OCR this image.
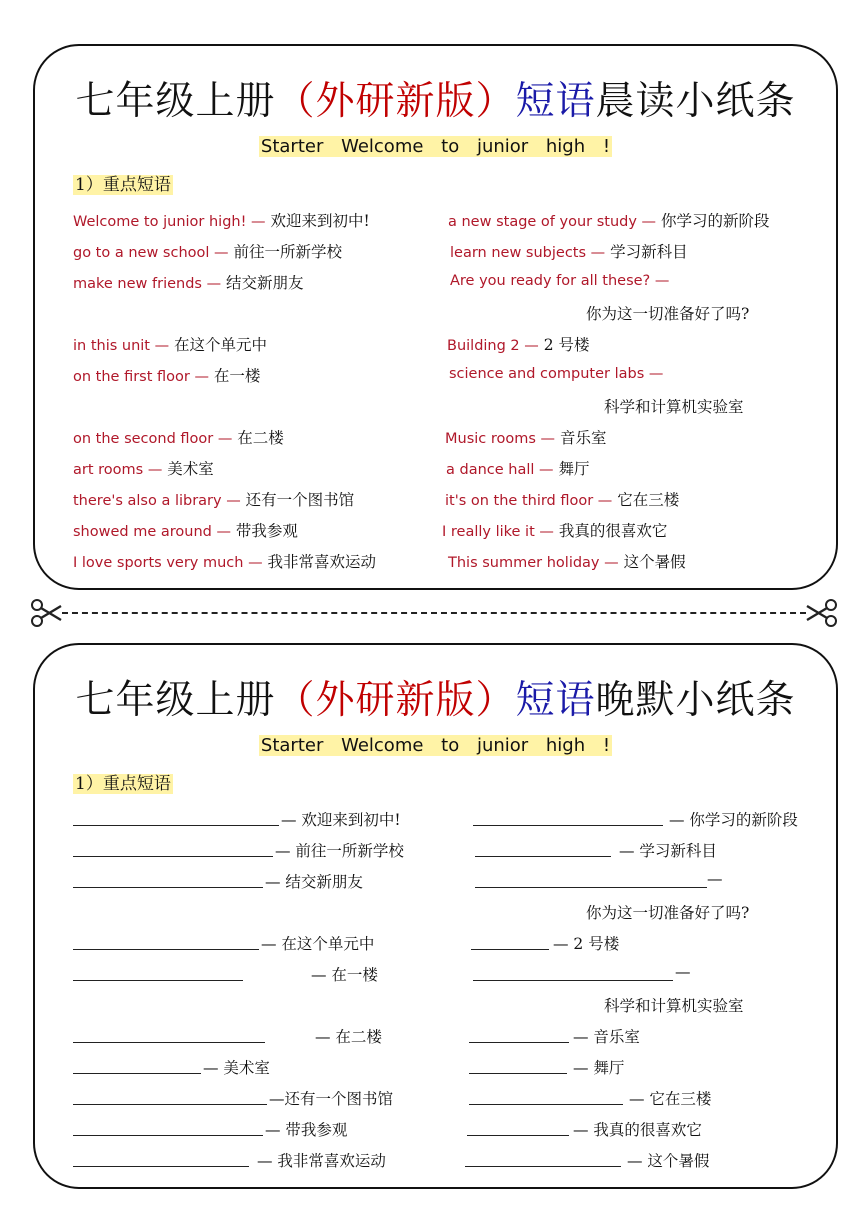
七年级上册（外研新版）短语晨读小纸条
Starter Welcome to junior high !
1）重点短语
Welcome to junior high! — 欢迎来到初中!
go to a new school — 前往一所新学校
make new friends — 结交新朋友
in this unit — 在这个单元中
on the first floor — 在一楼
on the second floor — 在二楼
art rooms — 美术室
there's also a library — 还有一个图书馆
showed me around — 带我参观
I love sports very much — 我非常喜欢运动
a new stage of your study — 你学习的新阶段
learn new subjects — 学习新科目
Are you ready for all these? —
你为这一切准备好了吗?
Building 2 — 2 号楼
science and computer labs —
科学和计算机实验室
Music rooms — 音乐室
a dance hall — 舞厅
it's on the third floor — 它在三楼
I really like it — 我真的很喜欢它
This summer holiday — 这个暑假
七年级上册（外研新版）短语晚默小纸条
Starter Welcome to junior high !
1）重点短语
— 欢迎来到初中!
— 前往一所新学校
— 结交新朋友
— 在这个单元中
— 在一楼
— 在二楼
— 美术室
—还有一个图书馆
— 带我参观
— 我非常喜欢运动
— 你学习的新阶段
— 学习新科目
—
你为这一切准备好了吗?
— 2 号楼
—
科学和计算机实验室
— 音乐室
— 舞厅
— 它在三楼
— 我真的很喜欢它
— 这个暑假
